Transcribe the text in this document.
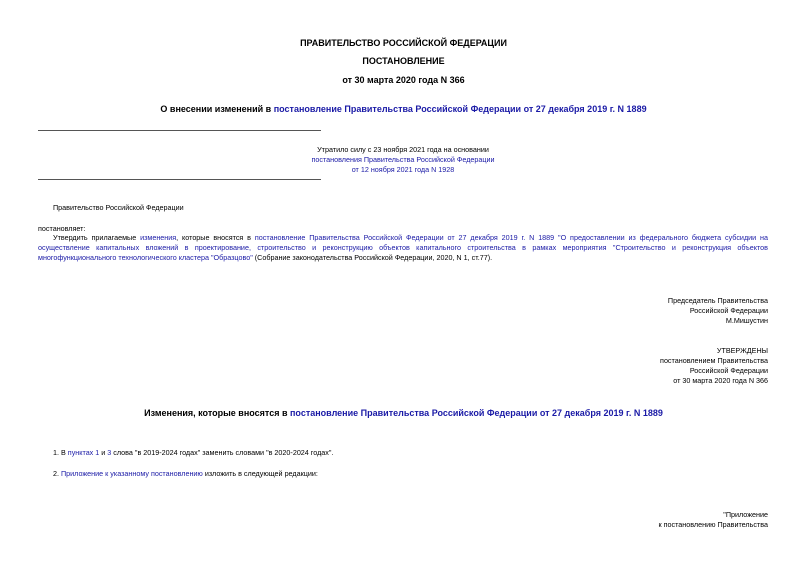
ПРАВИТЕЛЬСТВО РОССИЙСКОЙ ФЕДЕРАЦИИ
ПОСТАНОВЛЕНИЕ
от 30 марта 2020 года N 366
О внесении изменений в постановление Правительства Российской Федерации от 27 декабря 2019 г. N 1889
Утратило силу с 23 ноября 2021 года на основании
постановления Правительства Российской Федерации
от 12 ноября 2021 года N 1928
Правительство Российской Федерации
постановляет:
Утвердить прилагаемые изменения, которые вносятся в постановление Правительства Российской Федерации от 27 декабря 2019 г. N 1889 "О предоставлении из федерального бюджета субсидии на осуществление капитальных вложений в проектирование, строительство и реконструкцию объектов капитального строительства в рамках мероприятия "Строительство и реконструкция объектов многофункционального технологического кластера "Образцово" (Собрание законодательства Российской Федерации, 2020, N 1, ст.77).
Председатель Правительства
Российской Федерации
М.Мишустин
УТВЕРЖДЕНЫ
постановлением Правительства
Российской Федерации
от 30 марта 2020 года N 366
Изменения, которые вносятся в постановление Правительства Российской Федерации от 27 декабря 2019 г. N 1889
1. В пунктах 1 и 3 слова "в 2019-2024 годах" заменить словами "в 2020-2024 годах".
2. Приложение к указанному постановлению изложить в следующей редакции:
"Приложение
к постановлению Правительства
